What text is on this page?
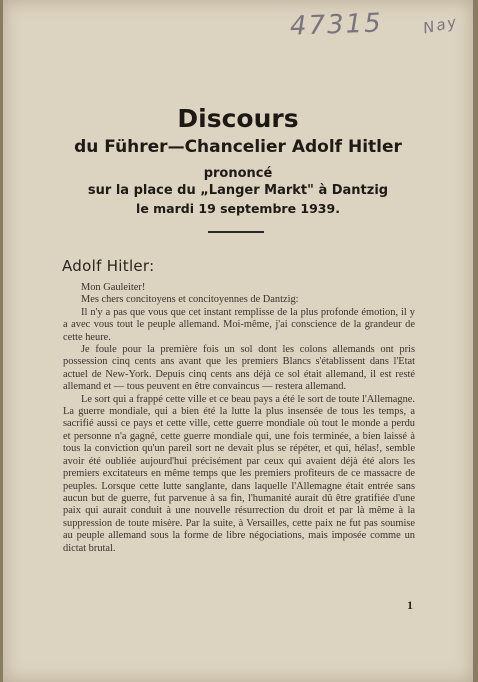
47315	Nay
Discours
du Führer—Chancelier Adolf Hitler
prononcé
sur la place du „Langer Markt" à Dantzig
le mardi 19 septembre 1939.
Adolf Hitler:

Mon Gauleiter!

Mes chers concitoyens et concitoyennes de Dantzig:

Il n'y a pas que vous que cet instant remplisse de la plus profonde émotion, il y a avec vous tout le peuple allemand. Moi-même, j'ai conscience de la grandeur de cette heure.

Je foule pour la première fois un sol dont les colons allemands ont pris possession cinq cents ans avant que les premiers Blancs s'établissent dans l'Etat actuel de New-York. Depuis cinq cents ans déjà ce sol était allemand, il est resté allemand et — tous peuvent en être convaincus — restera allemand.

Le sort qui a frappé cette ville et ce beau pays a été le sort de toute l'Allemagne. La guerre mondiale, qui a bien été la lutte la plus insensée de tous les temps, a sacrifié aussi ce pays et cette ville, cette guerre mondiale où tout le monde a perdu et personne n'a gagné, cette guerre mondiale qui, une fois terminée, a bien laissé à tous la conviction qu'un pareil sort ne devait plus se répéter, et qui, hélas!, semble avoir été oubliée aujourd'hui précisément par ceux qui avaient déjà été alors les premiers excitateurs en même temps que les premiers profiteurs de ce massacre de peuples. Lorsque cette lutte sanglante, dans laquelle l'Allemagne était entrée sans aucun but de guerre, fut parvenue à sa fin, l'humanité aurait dû être gratifiée d'une paix qui aurait conduit à une nouvelle résurrection du droit et par là même à la suppression de toute misère. Par la suite, à Versailles, cette paix ne fut pas soumise au peuple allemand sous la forme de libre négociations, mais imposée comme un dictat brutal.

1
